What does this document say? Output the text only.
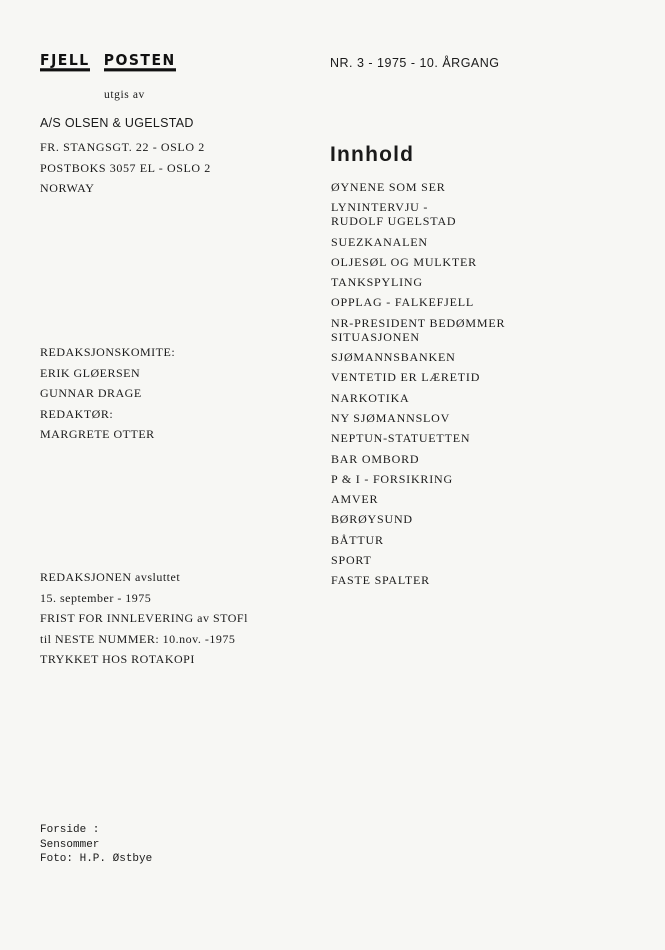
FJELL POSTEN	NR. 3 - 1975 - 10. ÅRGANG
utgis av
A/S OLSEN & UGELSTAD
FR. STANGSGT. 22 - OSLO 2
POSTBOKS 3057 EL - OSLO 2
NORWAY
Innhold
ØYNENE SOM SER
LYNINTERVJU -
RUDOLF UGELSTAD
SUEZKANALEN
OLJESØL OG MULKTER
TANKSPYLING
OPPLAG - FALKEFJELL
NR-PRESIDENT BEDØMMER
SITUASJONEN
SJØMANNSBANKEN
VENTETID ER LÆRETID
NARKOTIKA
NY SJØMANNSLOV
NEPTUN-STATUETTEN
BAR OMBORD
P & I - FORSIKRING
AMVER
BØRØYSUND
BÅTTUR
SPORT
FASTE SPALTER
REDAKSJONSKOMITE:
ERIK GLØERSEN
GUNNAR DRAGE
REDAKTØR:
MARGRETE OTTER
REDAKSJONEN avsluttet
15. september - 1975
FRIST FOR INNLEVERING av STOFl
til NESTE NUMMER: 10.nov. -1975
TRYKKET HOS ROTAKOPI
Forside :
Sensommer
Foto: H.P. Østbye
